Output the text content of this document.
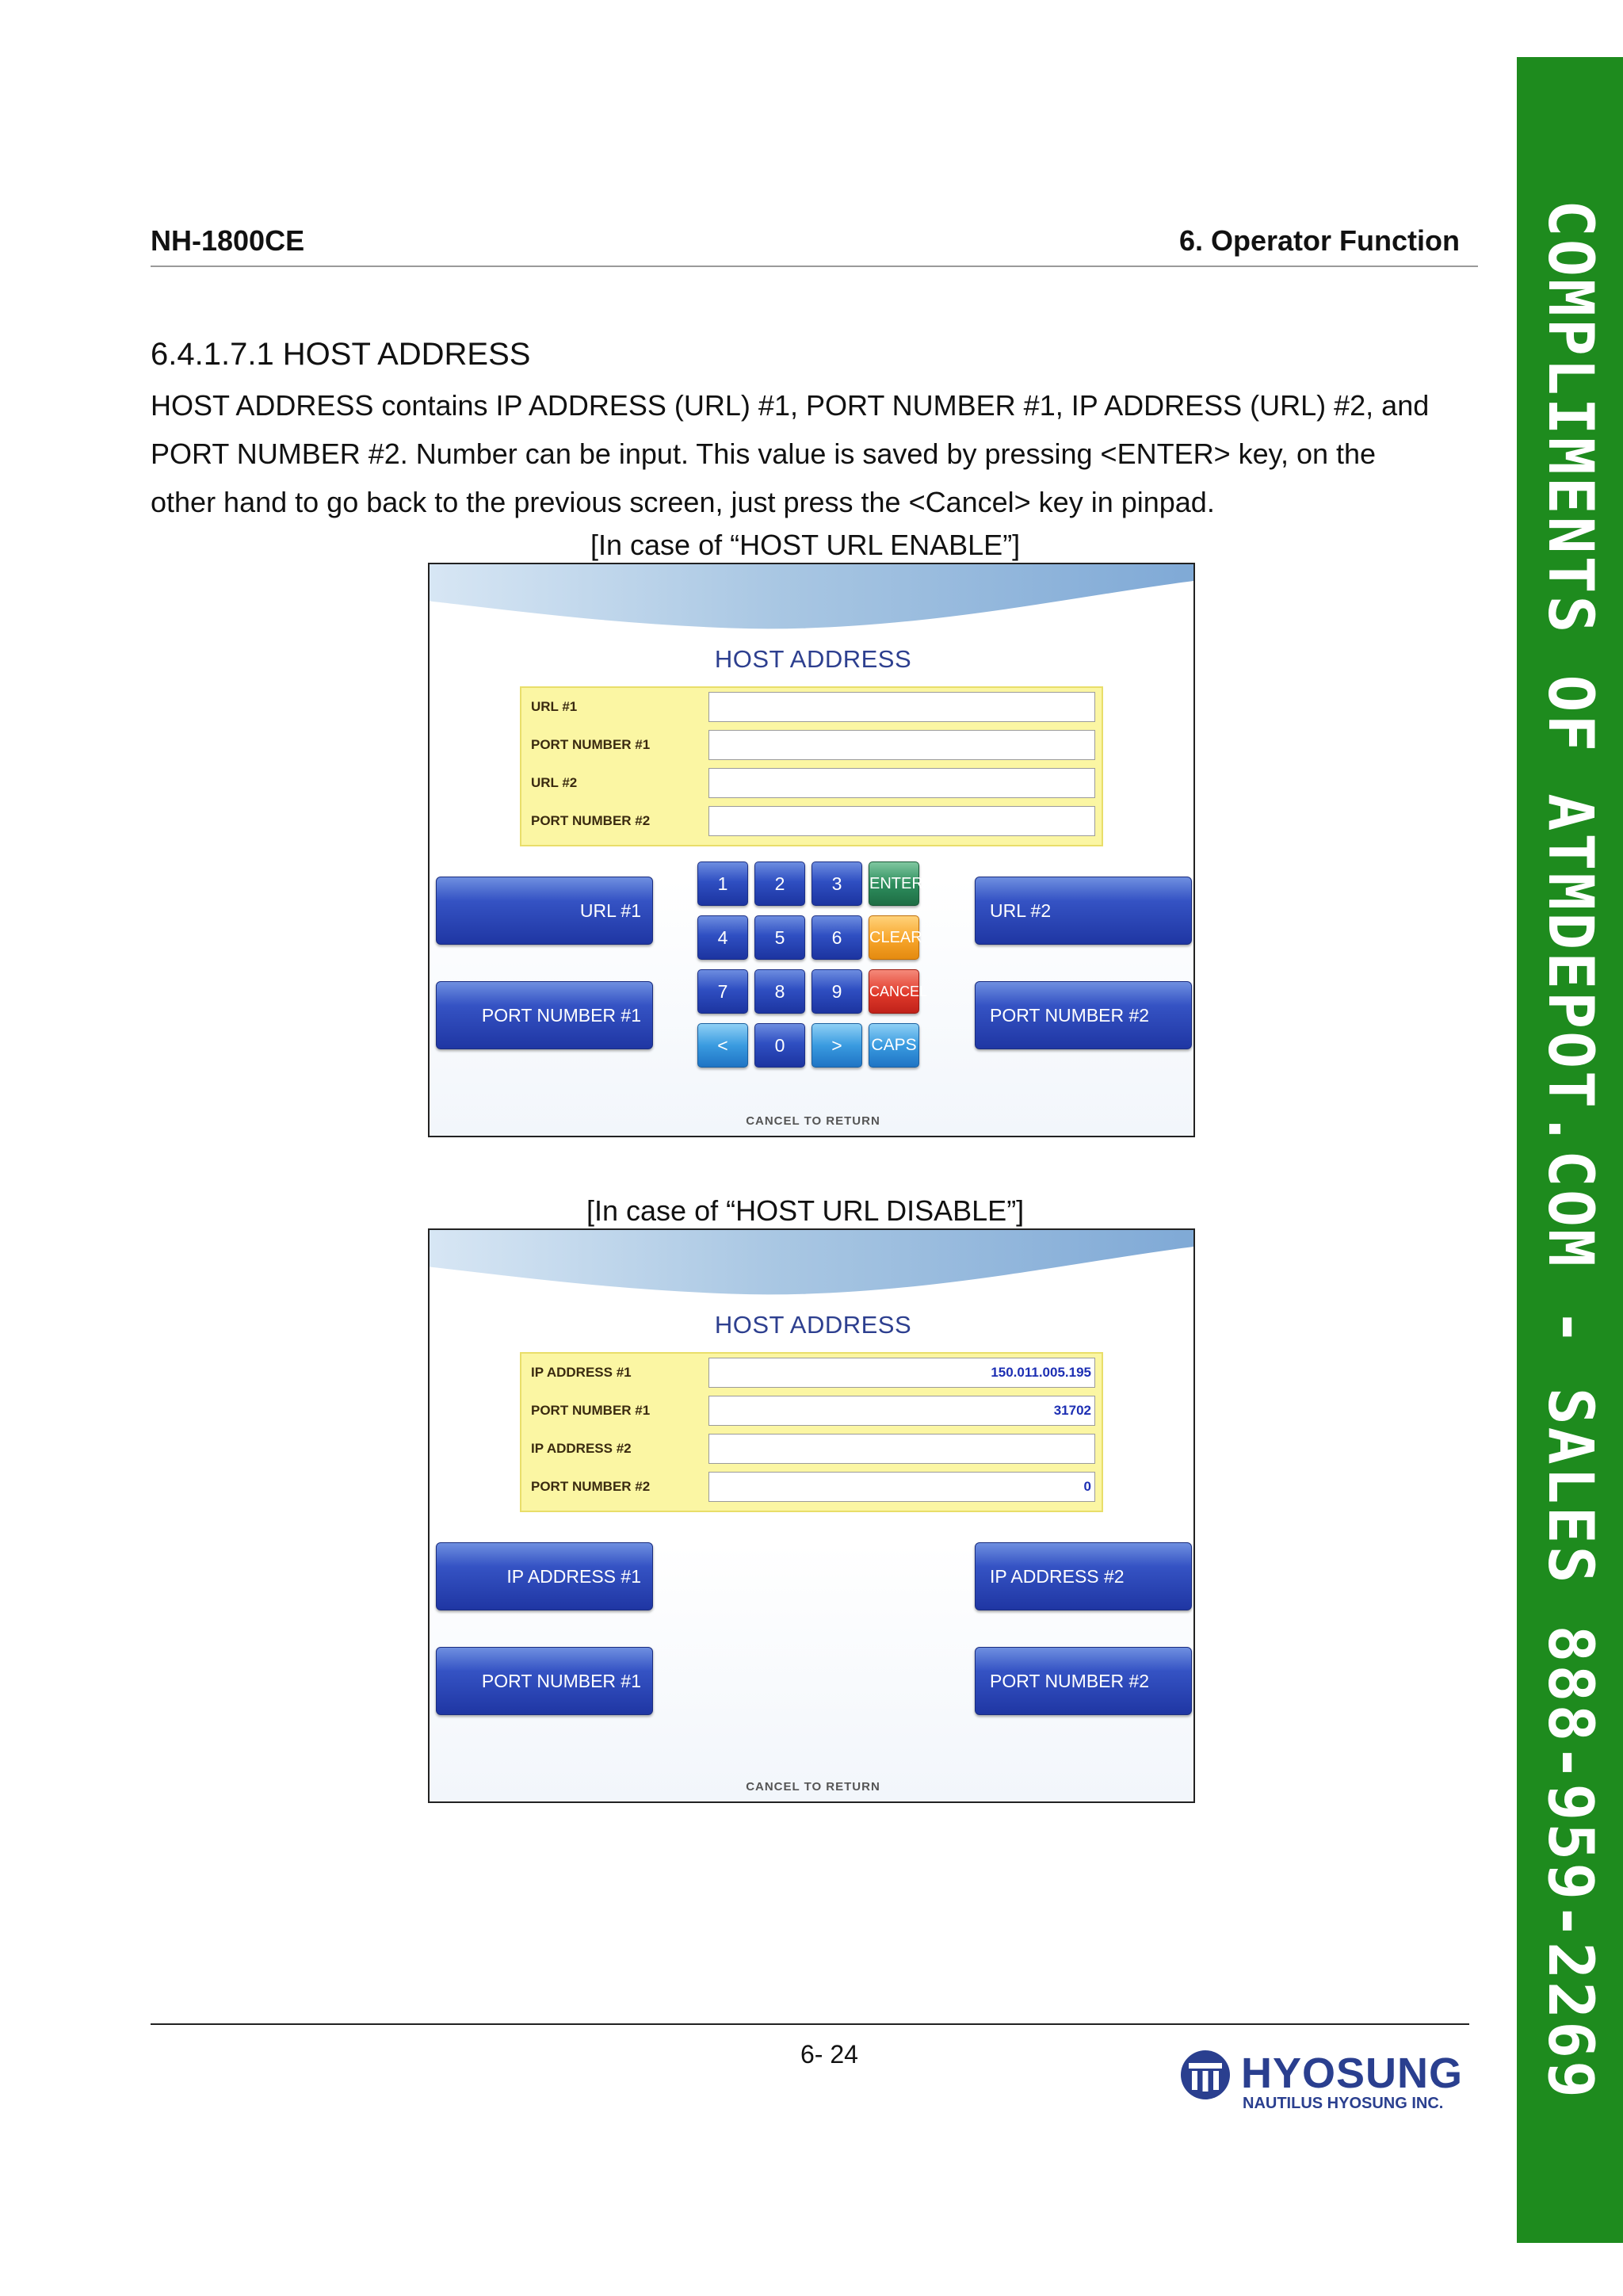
NH-1800CE	6. Operator Function
6.4.1.7.1 HOST ADDRESS
HOST ADDRESS contains IP ADDRESS (URL) #1, PORT NUMBER #1, IP ADDRESS (URL) #2, and
PORT NUMBER #2. Number can be input. This value is saved by pressing <ENTER> key, on the
other hand to go back to the previous screen, just press the <Cancel> key in pinpad.
[In case of “HOST URL ENABLE”]
HOST ADDRESS
URL #1
PORT NUMBER #1
URL #2
PORT NUMBER #2
URL #1
PORT NUMBER #1
URL #2
PORT NUMBER #2
1	2	3	ENTER
4	5	6	CLEAR
7	8	9	CANCEL
<	0	>	CAPS
CANCEL TO RETURN
[In case of “HOST URL DISABLE”]
HOST ADDRESS
IP ADDRESS #1	150.011.005.195
PORT NUMBER #1	31702
IP ADDRESS #2
PORT NUMBER #2	0
IP ADDRESS #1
PORT NUMBER #1
IP ADDRESS #2
PORT NUMBER #2
CANCEL TO RETURN
6- 24	HYOSUNG
NAUTILUS HYOSUNG INC.
COMPLIMENTS OF ATMDEPOT.COM - SALES 888-959-2269
